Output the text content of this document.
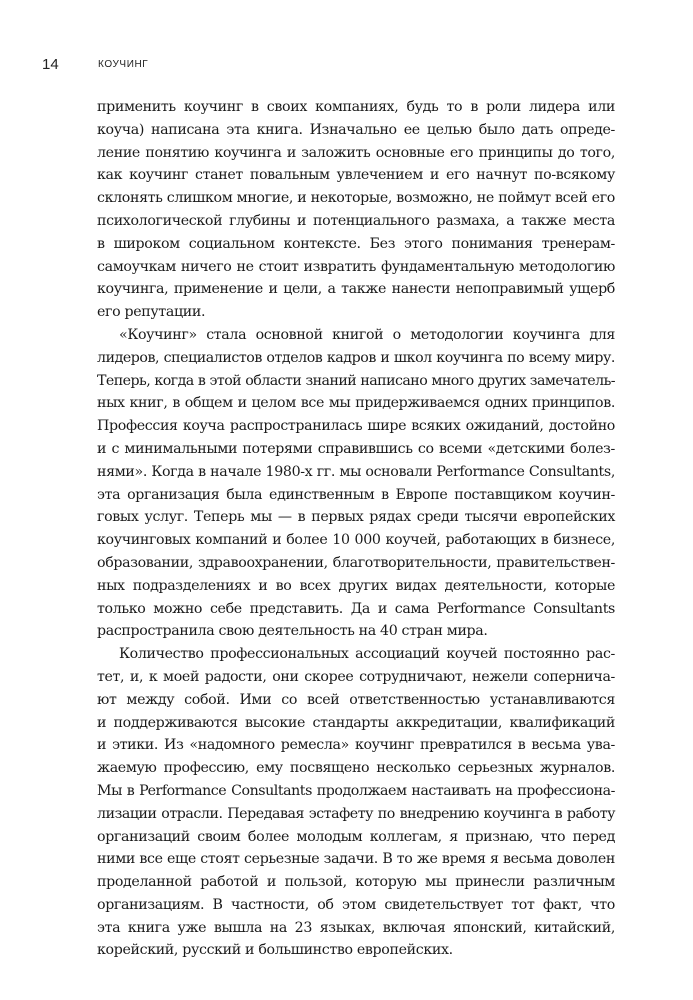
14	КОУЧИНГ
применить коучинг в своих компаниях, будь то в роли лидера или
коуча) написана эта книга. Изначально ее целью было дать опреде-
ление понятию коучинга и заложить основные его принципы до того,
как коучинг станет повальным увлечением и его начнут по-всякому
склонять слишком многие, и некоторые, возможно, не поймут всей его
психологической глубины и потенциального размаха, а также места
в широком социальном контексте. Без этого понимания тренерам-
самоучкам ничего не стоит извратить фундаментальную методологию
коучинга, применение и цели, а также нанести непоправимый ущерб
его репутации.
«Коучинг» стала основной книгой о методологии коучинга для
лидеров, специалистов отделов кадров и школ коучинга по всему миру.
Теперь, когда в этой области знаний написано много других замечатель-
ных книг, в общем и целом все мы придерживаемся одних принципов.
Профессия коуча распространилась шире всяких ожиданий, достойно
и с минимальными потерями справившись со всеми «детскими болез-
нями». Когда в начале 1980-х гг. мы основали Performance Consultants,
эта организация была единственным в Европе поставщиком коучин-
говых услуг. Теперь мы — в первых рядах среди тысячи европейских
коучинговых компаний и более 10 000 коучей, работающих в бизнесе,
образовании, здравоохранении, благотворительности, правительствен-
ных подразделениях и во всех других видах деятельности, которые
только можно себе представить. Да и сама Performance Consultants
распространила свою деятельность на 40 стран мира.
Количество профессиональных ассоциаций коучей постоянно рас-
тет, и, к моей радости, они скорее сотрудничают, нежели сопернича-
ют между собой. Ими со всей ответственностью устанавливаются
и поддерживаются высокие стандарты аккредитации, квалификаций
и этики. Из «надомного ремесла» коучинг превратился в весьма ува-
жаемую профессию, ему посвящено несколько серьезных журналов.
Мы в Performance Consultants продолжаем настаивать на профессиона-
лизации отрасли. Передавая эстафету по внедрению коучинга в работу
организаций своим более молодым коллегам, я признаю, что перед
ними все еще стоят серьезные задачи. В то же время я весьма доволен
проделанной работой и пользой, которую мы принесли различным
организациям. В частности, об этом свидетельствует тот факт, что
эта книга уже вышла на 23 языках, включая японский, китайский,
корейский, русский и большинство европейских.
